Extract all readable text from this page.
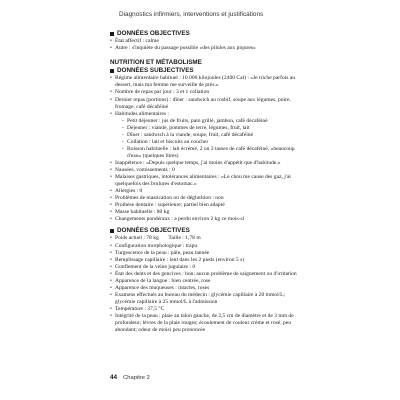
Diagnostics infirmiers, interventions et justifications
DONNÉES OBJECTIVES

• État affectif : calme

• Autre : s'inquiète du passage possible «des pilules aux piqures»

NUTRITION ET MÉTABOLISME

DONNÉES SUBJECTIVES

• Régime alimentaire habituel : 10 000 kilojoules (2400 Cal) : «Je triche parfois au dessert, mais ma femme me surveille de près.»

• Nombre de repas par jour : 3 et 1 collation

• Dernier repas (portions) : dîner : sandwich au rosbif, soupe aux légumes, poire, fromage, café décaféiné

• Habitudes alimentaires :

- Petit déjeuner : jus de fruits, pain grillé, jambon, café décaféiné

- Déjeuner : viande, pommes de terre, légumes, fruit, lait

- Dîner : sandwich à la viande, soupe, fruit, café décaféiné

- Collation : lait et biscuits au coucher

- Boisson habituelle : lait écrémé, 2 ou 3 tasses de café décaféiné, «beaucoup d'eau» (quelques litres)

• Inappétence : «Depuis quelque temps, j'ai moins d'appétit que d'habitude.»

• Nausées, vomissements : 0

• Malaises gastriques, intolérances alimentaires : «Le chou me cause des gaz, j'ai quelquefois des brulures d'estomac.»

• Allergies : 0

• Problèmes de mastication ou de déglutition : non

• Prothèse dentaire : supérieure; partiel bien adapté

• Masse habituelle : 80 kg

• Changements pondéraux : a perdu environ 2 kg ce mois-ci

DONNÉES OBJECTIVES

• Poids actuel : 78 kg       Taille : 1,78 m

• Configuration morphologique : trapu

• Turgescence de la peau : pâle, peau tannée

• Remplissage capillaire : lent dans les 2 pieds (environ 5 s)

• Gonflement de la veine jugulaire : 0

• État des dents et des gencives : bon; aucun problème de saignement ou d'irritation

• Apparence de la langue : bien centrée, rose

• Apparence des muqueuses : intactes, roses

• Examens effectués au bureau du médecin : glycémie capillaire à 20 mmol/L; glycémie capillaire à 25 mmol/L à l'admission

• Température : 37,5 °C

• Intégrité de la peau : plaie au talon gauche, de 2,5 cm de diamètre et de 3 mm de profondeur; lèvres de la plaie rouges; écoulement de couleur crème et rosé, peu abondant; odeur de moisi peu prononcée

44 Chapitre 2
